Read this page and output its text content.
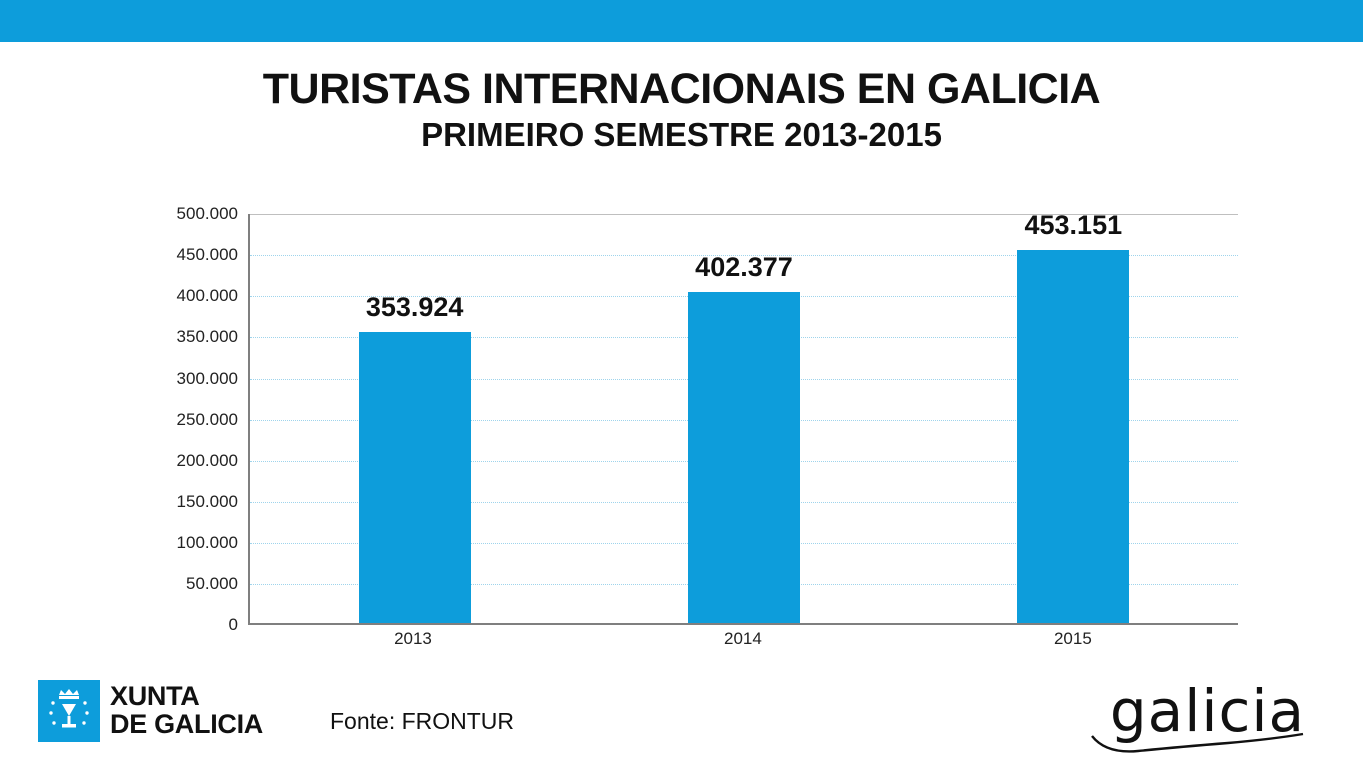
TURISTAS INTERNACIONAIS EN GALICIA
PRIMEIRO SEMESTRE 2013-2015
500.000
450.000
400.000
350.000
300.000
250.000
200.000
150.000
100.000
50.000
0
353.924
402.377
453.151
2013	2014	2015
XUNTA
DE GALICIA	Fonte: FRONTUR	galicia
